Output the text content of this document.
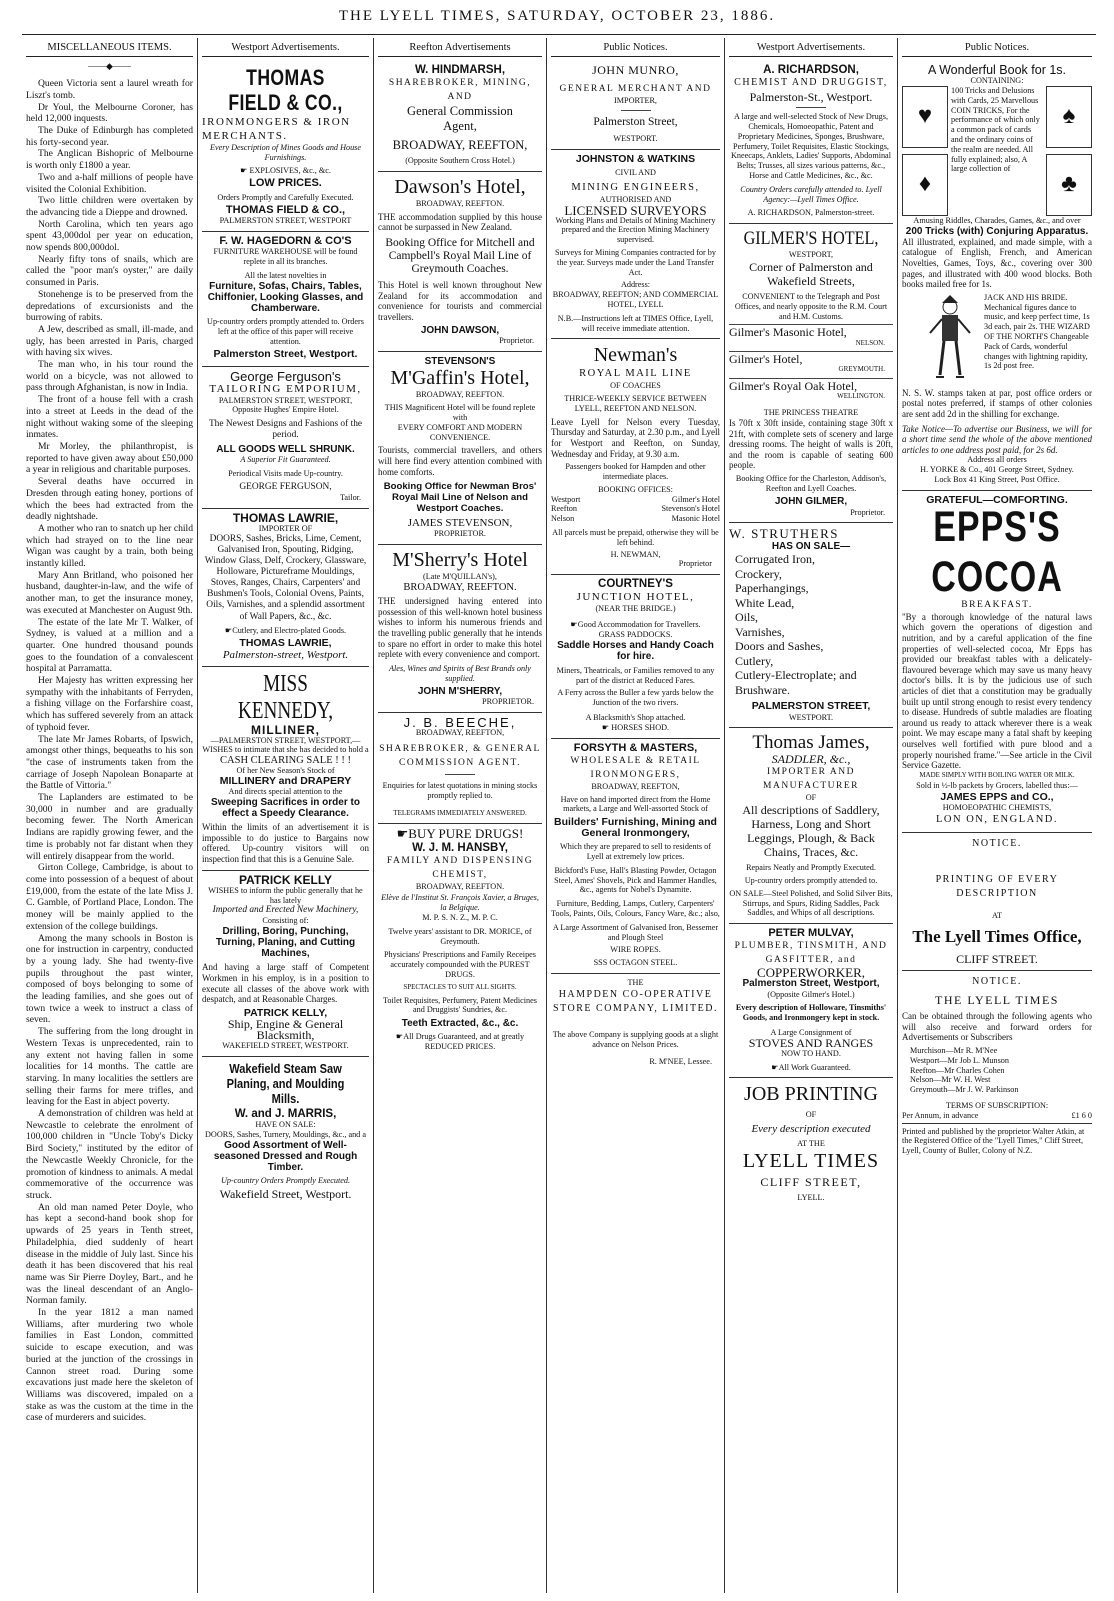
THE LYELL TIMES, SATURDAY, OCTOBER 23, 1886.
MISCELLANEOUS ITEMS.
——◆——

Queen Victoria sent a laurel wreath for Liszt's tomb.

Dr Youl, the Melbourne Coroner, has held 12,000 inquests.

The Duke of Edinburgh has completed his forty-second year.

The Anglican Bishopric of Melbourne is worth only £1800 a year.

Two and a-half millions of people have visited the Colonial Exhibition.

Two little children were overtaken by the advancing tide a Dieppe and drowned.

North Carolina, which ten years ago spent 43,000dol per year on education, now spends 800,000dol.

Nearly fifty tons of snails, which are called the "poor man's oyster," are daily consumed in Paris.

Stonehenge is to be preserved from the depredations of excursionists and the burrowing of rabits.

A Jew, described as small, ill-made, and ugly, has been arrested in Paris, charged with having six wives.

The man who, in his tour round the world on a bicycle, was not allowed to pass through Afghanistan, is now in India.

The front of a house fell with a crash into a street at Leeds in the dead of the night without waking some of the sleeping inmates.

Mr Morley, the philanthropist, is reported to have given away about £50,000 a year in religious and charitable purposes.

Several deaths have occurred in Dresden through eating honey, portions of which the bees had extracted from the deadly nightshade.

A mother who ran to snatch up her child which had strayed on to the line near Wigan was caught by a train, both being instantly killed.

Mary Ann Britland, who poisoned her husband, daughter-in-law, and the wife of another man, to get the insurance money, was executed at Manchester on August 9th.

The estate of the late Mr T. Walker, of Sydney, is valued at a million and a quarter. One hundred thousand pounds goes to the foundation of a convalescent hospital at Parramatta.

Her Majesty has written expressing her sympathy with the inhabitants of Ferryden, a fishing village on the Forfarshire coast, which has suffered severely from an attack of typhoid fever.

The late Mr James Robarts, of Ipswich, amongst other things, bequeaths to his son "the case of instruments taken from the carriage of Joseph Napolean Bonaparte at the Battle of Vittoria."

The Laplanders are estimated to be 30,000 in number and are gradually becoming fewer. The North American Indians are rapidly growing fewer, and the time is probably not far distant when they will entirely disappear from the world.

Girton College, Cambridge, is about to come into possession of a bequest of about £19,000, from the estate of the late Miss J. C. Gamble, of Portland Place, London. The money will be mainly applied to the extension of the college buildings.

Among the many schools in Boston is one for instruction in carpentry, conducted by a young lady. She had twenty-five pupils throughout the past winter, composed of boys belonging to some of the leading families, and she goes out of town twice a week to instruct a class of seven.

The suffering from the long drought in Western Texas is unprecedented, rain to any extent not having fallen in some localities for 14 months. The cattle are starving. In many localities the settlers are selling their farms for mere trifles, and leaving for the East in abject poverty.

A demonstration of children was held at Newcastle to celebrate the enrolment of 100,000 children in "Uncle Toby's Dicky Bird Society," instituted by the editor of the Newcastle Weekly Chronicle, for the promotion of kindness to animals. A medal commemorative of the occurrence was struck.

An old man named Peter Doyle, who has kept a second-hand book shop for upwards of 25 years in Tenth street, Philadelphia, died suddenly of heart disease in the middle of July last. Since his death it has been discovered that his real name was Sir Pierre Doyley, Bart., and he was the lineal descendant of an Anglo-Norman family.

In the year 1812 a man named Williams, after murdering two whole families in East London, committed suicide to escape execution, and was buried at the junction of the crossings in Cannon street road. During some excavations just made here the skeleton of Williams was discovered, impaled on a stake as was the custom at the time in the case of murderers and suicides.

Westport Advertisements.
THOMAS FIELD & CO.,
IRONMONGERS & IRON MERCHANTS.
Every Description of Mines Goods and House Furnishings.
☛ EXPLOSIVES, &c., &c.
LOW PRICES.
Orders Promptly and Carefully Executed.
THOMAS FIELD & CO.,
PALMERSTON STREET, WESTPORT
F. W. HAGEDORN & CO'S
FURNITURE WAREHOUSE will be found replete in all its branches.
All the latest novelties in
Furniture, Sofas, Chairs, Tables, Chiffonier, Looking Glasses, and Chamberware.
Up-country orders promptly attended to. Orders left at the office of this paper will receive attention.
Palmerston Street, Westport.
George Ferguson's
TAILORING EMPORIUM,
PALMERSTON STREET, WESTPORT,
Opposite Hughes' Empire Hotel.
The Newest Designs and Fashions of the period.
ALL GOODS WELL SHRUNK.
A Superior Fit Guaranteed.
Periodical Visits made Up-country.
GEORGE FERGUSON,
Tailor.
THOMAS LAWRIE,
IMPORTER OF
DOORS, Sashes, Bricks, Lime, Cement, Galvanised Iron, Spouting, Ridging, Window Glass, Delf, Crockery, Glassware, Holloware, Pictureframe Mouldings, Stoves, Ranges, Chairs, Carpenters' and Bushmen's Tools, Colonial Ovens, Paints, Oils, Varnishes, and a splendid assortment of Wall Papers, &c., &c.
☛Cutlery, and Electro-plated Goods.
THOMAS LAWRIE,
Palmerston-street, Westport.
MISS KENNEDY,
MILLINER,
—PALMERSTON STREET, WESTPORT,—
WISHES to intimate that she has decided to hold a
CASH CLEARING SALE ! ! !
Of her New Season's Stock of
MILLINERY and DRAPERY
And directs special attention to the
Sweeping Sacrifices in order to effect a Speedy Clearance.
Within the limits of an advertisement it is impossible to do justice to Bargains now offered. Up-country visitors will on inspection find that this is a Genuine Sale.
PATRICK KELLY
WISHES to inform the public generally that he has lately
Imported and Erected New Machinery,
Consisting of:
Drilling, Boring, Punching, Turning, Planing, and Cutting Machines,
And having a large staff of Competent Workmen in his employ, is in a position to execute all classes of the above work with despatch, and at Reasonable Charges.
PATRICK KELLY,
Ship, Engine & General Blacksmith,
WAKEFIELD STREET, WESTPORT.
Wakefield Steam Saw Planing, and Moulding Mills.
W. and J. MARRIS,
HAVE ON SALE:
DOORS, Sashes, Turnery, Mouldings, &c., and a
Good Assortment of Well-seasoned Dressed and Rough Timber.
Up-country Orders Promptly Executed.
Wakefield Street, Westport.
Reefton Advertisements
W. HINDMARSH,
SHAREBROKER, MINING, AND
General Commission
Agent,
BROADWAY, REEFTON,
(Opposite Southern Cross Hotel.)
Dawson's Hotel,
BROADWAY, REEFTON.
THE accommodation supplied by this house cannot be surpassed in New Zealand.
Booking Office for Mitchell and Campbell's Royal Mail Line of Greymouth Coaches.
This Hotel is well known throughout New Zealand for its accommodation and convenience for tourists and commercial travellers.
JOHN DAWSON,
Proprietor.
STEVENSON'S
M'Gaffin's Hotel,
BROADWAY, REEFTON.
THIS Magnificent Hotel will be found replete with
EVERY COMFORT AND MODERN CONVENIENCE.
Tourists, commercial travellers, and others will here find every attention combined with home comforts.
Booking Office for Newman Bros' Royal Mail Line of Nelson and Westport Coaches.
JAMES STEVENSON,
PROPRIETOR.
M'Sherry's Hotel
(Late M'QUILLAN's),
BROADWAY, REEFTON.
THE undersigned having entered into possession of this well-known hotel business wishes to inform his numerous friends and the travelling public generally that he intends to spare no effort in order to make this hotel replete with every convenience and comport.
Ales, Wines and Spirits of Best Brands only supplied.
JOHN M'SHERRY,
PROPRIETOR.
J. B. BEECHE,
BROADWAY, REEFTON,
SHAREBROKER, & GENERAL
COMMISSION AGENT.
Enquiries for latest quotations in mining stocks promptly replied to.
TELEGRAMS IMMEDIATELY ANSWERED.
☛BUY PURE DRUGS!
W. J. M. HANSBY,
FAMILY AND DISPENSING CHEMIST,
BROADWAY, REEFTON.
Elève de l'Institut St. François Xavier, a Bruges, la Belgique.
M. P. S. N. Z., M. P. C.
Twelve years' assistant to DR. MORICE, of Greymouth.
Physicians' Prescriptions and Family Receipes accurately compounded with the PUREST DRUGS.
SPECTACLES TO SUIT ALL SIGHTS.
Toilet Requisites, Perfumery, Patent Medicines and Druggists' Sundries, &c.
Teeth Extracted, &c., &c.
☛All Drugs Guaranteed, and at greatly REDUCED PRICES.
Public Notices.
JOHN MUNRO,
GENERAL MERCHANT AND
IMPORTER,
Palmerston Street,
WESTPORT.
JOHNSTON & WATKINS
CIVIL AND
MINING ENGINEERS,
AUTHORISED AND
LICENSED SURVEYORS
Working Plans and Details of Mining Machinery prepared and the Erection Mining Machinery supervised.
Surveys for Mining Companies contracted for by the year. Surveys made under the Land Transfer Act.
Address:
BROADWAY, REEFTON; AND COMMERCIAL HOTEL, LYELL
N.B.—Instructions left at TIMES Office, Lyell, will receive immediate attention.
Newman's
ROYAL MAIL LINE
OF COACHES
THRICE-WEEKLY SERVICE BETWEEN LYELL, REEFTON AND NELSON.
Leave Lyell for Nelson every Tuesday, Thursday and Saturday, at 2.30 p.m., and Lyell for Westport and Reefton, on Sunday, Wednesday and Friday, at 9.30 a.m.
Passengers booked for Hampden and other intermediate places.
BOOKING OFFICES:
Westport	Gilmer's Hotel
Reefton	Stevenson's Hotel
Nelson	Masonic Hotel
All parcels must be prepaid, otherwise they will be left behind.
H. NEWMAN,
Proprietor
COURTNEY'S
JUNCTION HOTEL,
(NEAR THE BRIDGE.)
☛Good Accommodation for Travellers.
GRASS PADDOCKS.
Saddle Horses and Handy Coach for hire.
Miners, Theatricals, or Families removed to any part of the district at Reduced Fares.
A Ferry across the Buller a few yards below the Junction of the two rivers.
A Blacksmith's Shop attached.
☛ HORSES SHOD.
FORSYTH & MASTERS,
WHOLESALE & RETAIL IRONMONGERS,
BROADWAY, REEFTON,
Have on hand imported direct from the Home markets, a Large and Well-assorted Stock of
Builders' Furnishing, Mining and General Ironmongery,
Which they are prepared to sell to residents of Lyell at extremely low prices.
Bickford's Fuse, Hall's Blasting Powder, Octagon Steel, Ames' Shovels, Pick and Hammer Handles, &c., agents for Nobel's Dynamite.
Furniture, Bedding, Lamps, Cutlery, Carpenters' Tools, Paints, Oils, Colours, Fancy Ware, &c.; also,
A Large Assortment of Galvanised Iron, Bessemer and Plough Steel
WIRE ROPES.
SSS OCTAGON STEEL.
THE
HAMPDEN CO-OPERATIVE STORE COMPANY, LIMITED.
The above Company is supplying goods at a slight advance on Nelson Prices.
R. M'NEE, Lessee.
Westport Advertisements.
A. RICHARDSON,
CHEMIST AND DRUGGIST,
Palmerston-St., Westport.
A large and well-selected Stock of New Drugs, Chemicals, Homoeopathic, Patent and Proprietary Medicines, Sponges, Brushware, Perfumery, Toilet Requisites, Elastic Stockings, Kneecaps, Anklets, Ladies' Supports, Abdominal Belts; Trusses, all sizes various patterns, &c., Horse and Cattle Medicines, &c., &c.
Country Orders carefully attended to. Lyell Agency:—Lyell Times Office.
A. RICHARDSON, Palmerston-street.
GILMER'S HOTEL,
WESTPORT,
Corner of Palmerston and Wakefield Streets,
CONVENIENT to the Telegraph and Post Offices, and nearly opposite to the R.M. Court and H.M. Customs.
Gilmer's Masonic Hotel,
NELSON.
Gilmer's Hotel,
GREYMOUTH.
Gilmer's Royal Oak Hotel,
WELLINGTON.
THE PRINCESS THEATRE
Is 70ft x 30ft inside, containing stage 30ft x 21ft, with complete sets of scenery and large dressing rooms. The height of walls is 20ft, and the room is capable of seating 600 people.
Booking Office for the Charleston, Addison's, Reefton and Lyell Coaches.
JOHN GILMER,
Proprietor.
W. STRUTHERS
HAS ON SALE—
Corrugated Iron,
Crockery,
Paperhangings,
White Lead,
Oils,
Varnishes,
Doors and Sashes,
Cutlery,
Cutlery-Electroplate; and
Brushware.
PALMERSTON STREET,
WESTPORT.
Thomas James,
SADDLER, &c.,
IMPORTER AND MANUFACTURER
OF
All descriptions of Saddlery, Harness, Long and Short Leggings, Plough, & Back Chains, Traces, &c.
Repairs Neatly and Promptly Executed.
Up-country orders promptly attended to.
ON SALE—Steel Polished, and Solid Silver Bits, Stirrups, and Spurs, Riding Saddles, Pack Saddles, and Whips of all descriptions.
PETER MULVAY,
PLUMBER, TINSMITH, AND GASFITTER, and
COPPERWORKER,
Palmerston Street, Westport,
(Opposite Gilmer's Hotel.)
Every description of Holloware, Tinsmiths' Goods, and Ironmongery kept in stock.
A Large Consignment of
STOVES AND RANGES
NOW TO HAND.
☛All Work Guaranteed.
JOB PRINTING
OF
Every description executed
AT THE
LYELL TIMES
CLIFF STREET,
LYELL.
Public Notices.
A Wonderful Book for 1s.
CONTAINING:
♥
♦
100 Tricks and Delusions with Cards, 25 Marvellous COIN TRICKS, For the performance of which only a common pack of cards and the ordinary coins of the realm are needed. All fully explained; also, A large collection of
♠
♣
Amusing Riddles, Charades, Games, &c., and over
200 Tricks (with) Conjuring Apparatus.
All illustrated, explained, and made simple, with a catalogue of English, French, and American Novelties, Games, Toys, &c., covering over 300 pages, and illustrated with 400 wood blocks. Both books mailed free for 1s.
JACK AND HIS BRIDE. Mechanical figures dance to music, and keep perfect time, 1s 3d each, pair 2s. THE WIZARD OF THE NORTH'S Changeable Pack of Cards, wonderful changes with lightning rapidity, 1s 2d post free.
N. S. W. stamps taken at par, post office orders or postal notes preferred, if stamps of other colonies are sent add 2d in the shilling for exchange.
Take Notice—To advertise our Business, we will for a short time send the whole of the above mentioned articles to one address post paid, for 2s 6d.
Address all orders
H. YORKE & Co., 401 George Street, Sydney.
Lock Box 41 King Street, Post Office.
GRATEFUL—COMFORTING.
EPPS'S COCOA
BREAKFAST.
"By a thorough knowledge of the natural laws which govern the operations of digestion and nutrition, and by a careful application of the fine properties of well-selected cocoa, Mr Epps has provided our breakfast tables with a delicately-flavoured beverage which may save us many heavy doctor's bills. It is by the judicious use of such articles of diet that a constitution may be gradually built up until strong enough to resist every tendency to disease. Hundreds of subtle maladies are floating around us ready to attack wherever there is a weak point. We may escape many a fatal shaft by keeping ourselves well fortified with pure blood and a properly nourished frame."—See article in the Civil Service Gazette.
MADE SIMPLY WITH BOILING WATER OR MILK.
Sold in ½-lb packets by Grocers, labelled thus:—
JAMES EPPS and CO.,
HOMOEOPATHIC CHEMISTS,
LON ON, ENGLAND.
NOTICE.
PRINTING OF EVERY DESCRIPTION
AT
The Lyell Times Office,
CLIFF STREET.
NOTICE.
THE LYELL TIMES
Can be obtained through the following agents who will also receive and forward orders for Advertisements or Subscribers
Murchison—Mr R. M'Nee
Westport—Mr Job L. Munson
Reefton—Mr Charles Cohen
Nelson—Mr W. H. West
Greymouth—Mr J. W. Parkinson
TERMS OF SUBSCRIPTION:
Per Annum, in advance	£1 6 0
Printed and published by the proprietor Walter Atkin, at the Registered Office of the "Lyell Times," Cliff Street, Lyell, County of Buller, Colony of N.Z.
